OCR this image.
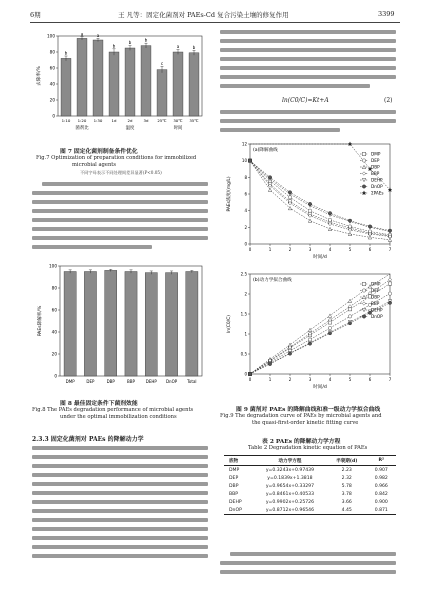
6期	王 凡等：固定化菌剂对 PAEs-Cd 复合污染土壤的修复作用	3399
0
20
40
60
80
100
去除率/%
b
1:10
a
1:20
a
1:30
b
1d
b
2d
b
3d
c
25℃
a
30℃
b
35℃
菌剂比	温度	时间
图 7 固定化菌剂制备条件优化
Fig.7 Optimization of preparation conditions for immobilized
microbial agents
不同字母表示不同处理间差异显著(P<0.05)
0
20
40
60
80
100
PAEs降解率/%
DMP	DEP	DBP	BBP	DEHP DnOP	Total
图 8 最佳固定条件下菌剂效能
Fig.8 The PAEs degradation performance of microbial agents
under the optimal immobilization conditions
2.3.3 固定化菌剂对 PAEs 的降解动力学
ln(C0/C)=Kt+A	(2)
(a)降解曲线
0
2
4
6
8
10
12
0	1	2	3	4	5	6	7
PAEs浓度/(mg/L)
时间/d
DMP
DEP
DBP
BBP
DEHP
DnOP
ΣPAEs
(b)动力学拟合曲线
0
0.5
1
1.5
2
2.5
0	1	2	3	4	5	6	7
ln(C0/C)
时间/d
DMP
DEP
DBP
BBP
DEHP
DnOP
图 9 菌剂对 PAEs 的降解曲线和准一级动力学拟合曲线
Fig.9 The degradation curve of PAEs by microbial agents and
the quasi-first-order kinetic fitting curve
表 2 PAEs 的降解动力学方程
Table 2 Degradation kinetic equation of PAEs
底物	动力学方程	半衰期(d)	R²
DMP	y=0.3243x+0.97439	2.23	0.907
DEP	y=0.1839x+1.3818	2.32	0.982
DBP	y=0.9654x+0.33297	5.78	0.966
BBP	y=0.8461x+0.40533	3.78	0.842
DEHP	y=0.9902x+0.25726	3.66	0.900
DnOP	y=0.8712x+0.96546	4.45	0.871
